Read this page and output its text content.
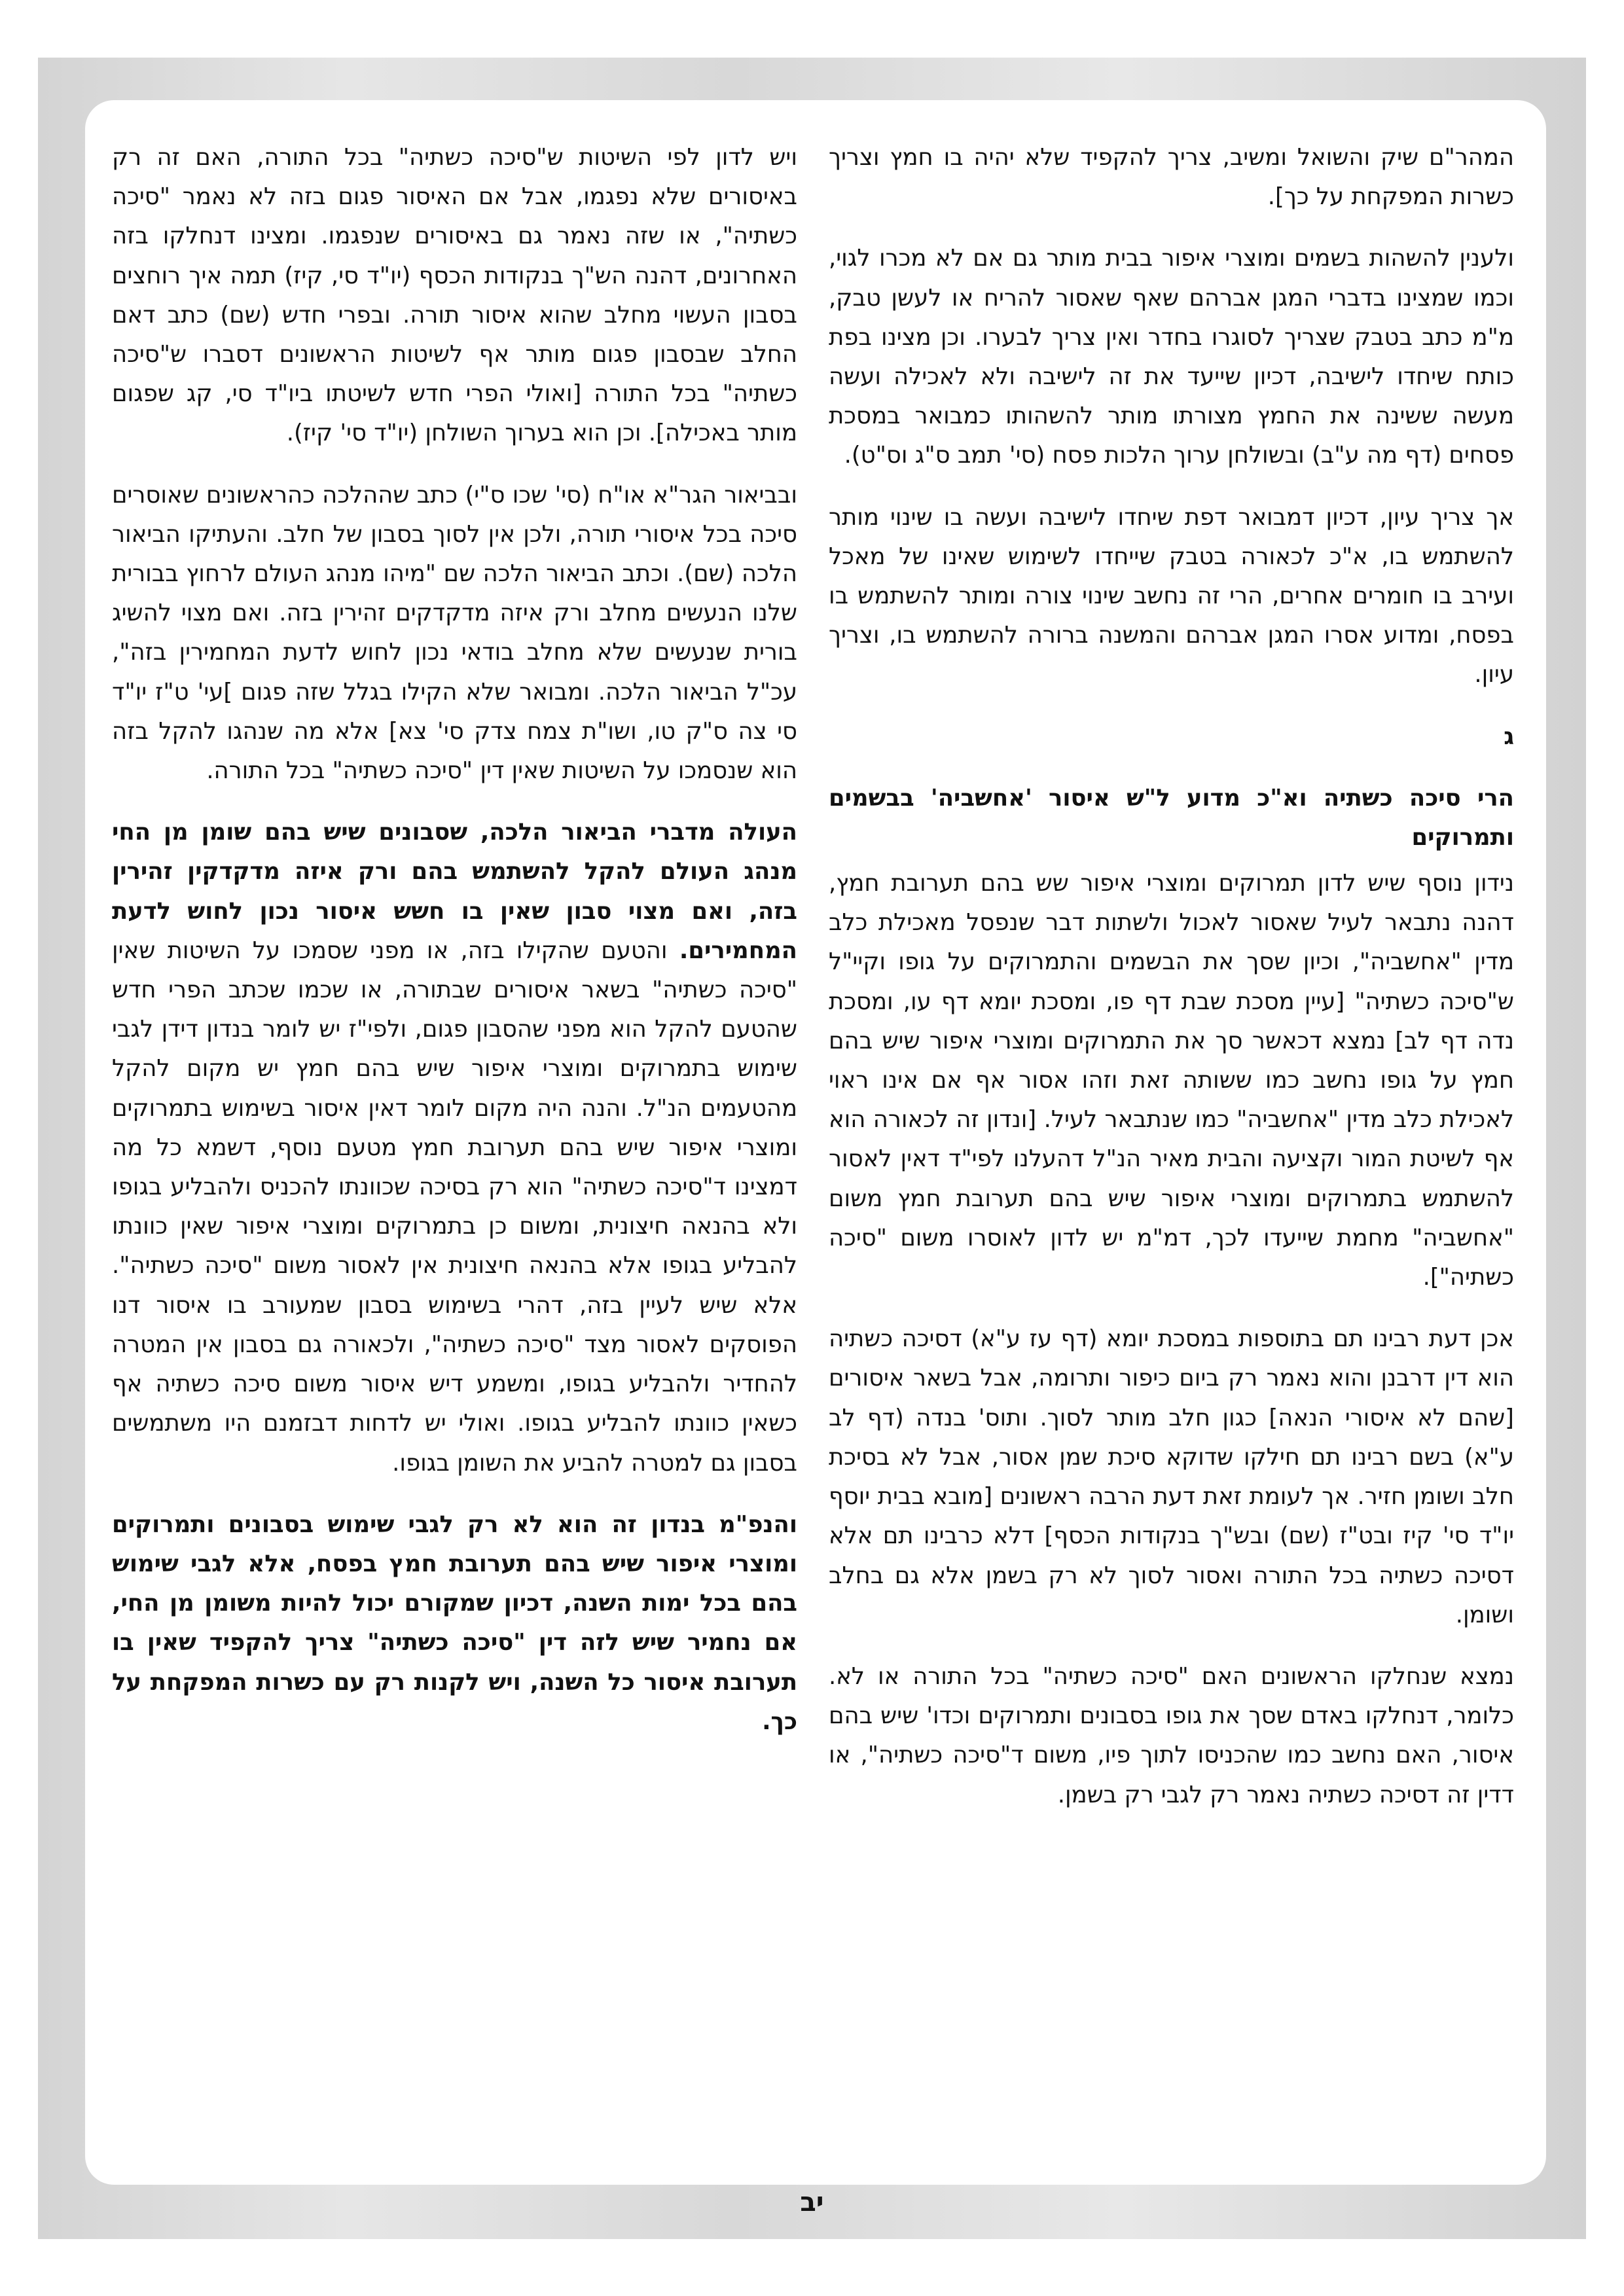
המהר"ם שיק והשואל ומשיב, צריך להקפיד שלא יהיה בו חמץ וצריך כשרות המפקחת על כך].

ולענין להשהות בשמים ומוצרי איפור בבית מותר גם אם לא מכרו לגוי, וכמו שמצינו בדברי המגן אברהם שאף שאסור להריח או לעשן טבק, מ"מ כתב בטבק שצריך לסוגרו בחדר ואין צריך לבערו. וכן מצינו בפת כותח שיחדו לישיבה, דכיון שייעד את זה לישיבה ולא לאכילה ועשה מעשה ששינה את החמץ מצורתו מותר להשהותו כמבואר במסכת פסחים (דף מה ע"ב) ובשולחן ערוך הלכות פסח (סי' תמב ס"ג וס"ט).

אך צריך עיון, דכיון דמבואר דפת שיחדו לישיבה ועשה בו שינוי מותר להשתמש בו, א"כ לכאורה בטבק שייחדו לשימוש שאינו של מאכל ועירב בו חומרים אחרים, הרי זה נחשב שינוי צורה ומותר להשתמש בו בפסח, ומדוע אסרו המגן אברהם והמשנה ברורה להשתמש בו, וצריך עיון.

ג
הרי סיכה כשתיה וא"כ מדוע ל"ש איסור 'אחשביה' בבשמים ותמרוקים

נידון נוסף שיש לדון תמרוקים ומוצרי איפור שש בהם תערובת חמץ, דהנה נתבאר לעיל שאסור לאכול ולשתות דבר שנפסל מאכילת כלב מדין "אחשביה", וכיון שסך את הבשמים והתמרוקים על גופו וקיי"ל ש"סיכה כשתיה" [עיין מסכת שבת דף פו, ומסכת יומא דף עו, ומסכת נדה דף לב] נמצא דכאשר סך את התמרוקים ומוצרי איפור שיש בהם חמץ על גופו נחשב כמו ששותה זאת וזהו אסור אף אם אינו ראוי לאכילת כלב מדין "אחשביה" כמו שנתבאר לעיל. [ונדון זה לכאורה הוא אף לשיטת המור וקציעה והבית מאיר הנ"ל דהעלנו לפי"ד דאין לאסור להשתמש בתמרוקים ומוצרי איפור שיש בהם תערובת חמץ משום "אחשביה" מחמת שייעדו לכך, דמ"מ יש לדון לאוסרו משום "סיכה כשתיה"].

אכן דעת רבינו תם בתוספות במסכת יומא (דף עז ע"א) דסיכה כשתיה הוא דין דרבנן והוא נאמר רק ביום כיפור ותרומה, אבל בשאר איסורים [שהם לא איסורי הנאה] כגון חלב מותר לסוך. ותוס' בנדה (דף לב ע"א) בשם רבינו תם חילקו שדוקא סיכת שמן אסור, אבל לא בסיכת חלב ושומן חזיר. אך לעומת זאת דעת הרבה ראשונים [מובא בבית יוסף יו"ד סי' קיז ובט"ז (שם) ובש"ך בנקודות הכסף] דלא כרבינו תם אלא דסיכה כשתיה בכל התורה ואסור לסוך לא רק בשמן אלא גם בחלב ושומן.

נמצא שנחלקו הראשונים האם "סיכה כשתיה" בכל התורה או לא. כלומר, דנחלקו באדם שסך את גופו בסבונים ותמרוקים וכדו' שיש בהם איסור, האם נחשב כמו שהכניסו לתוך פיו, משום ד"סיכה כשתיה", או דדין זה דסיכה כשתיה נאמר רק לגבי רק בשמן.

ויש לדון לפי השיטות ש"סיכה כשתיה" בכל התורה, האם זה רק באיסורים שלא נפגמו, אבל אם האיסור פגום בזה לא נאמר "סיכה כשתיה", או שזה נאמר גם באיסורים שנפגמו. ומצינו דנחלקו בזה האחרונים, דהנה הש"ך בנקודות הכסף (יו"ד סי, קיז) תמה איך רוחצים בסבון העשוי מחלב שהוא איסור תורה. ובפרי חדש (שם) כתב דאם החלב שבסבון פגום מותר אף לשיטות הראשונים דסברו ש"סיכה כשתיה" בכל התורה [ואולי הפרי חדש לשיטתו ביו"ד סי, קג שפגום מותר באכילה]. וכן הוא בערוך השולחן (יו"ד סי' קיז).

ובביאור הגר"א או"ח (סי' שכו ס"י) כתב שההלכה כהראשונים שאוסרים סיכה בכל איסורי תורה, ולכן אין לסוך בסבון של חלב. והעתיקו הביאור הלכה (שם). וכתב הביאור הלכה שם "מיהו מנהג העולם לרחוץ בבורית שלנו הנעשים מחלב ורק איזה מדקדקים זהירין בזה. ואם מצוי להשיג בורית שנעשים שלא מחלב בודאי נכון לחוש לדעת המחמירין בזה", עכ"ל הביאור הלכה. ומבואר שלא הקילו בגלל שזה פגום ]עי' ט"ז יו"ד סי צה ס"ק טו, ושו"ת צמח צדק סי' צא] אלא מה שנהגו להקל בזה הוא שנסמכו על השיטות שאין דין "סיכה כשתיה" בכל התורה.

העולה מדברי הביאור הלכה, שסבונים שיש בהם שומן מן החי מנהג העולם להקל להשתמש בהם ורק איזה מדקדקין זהירין בזה, ואם מצוי סבון שאין בו חשש איסור נכון לחוש לדעת המחמירים. והטעם שהקילו בזה, או מפני שסמכו על השיטות שאין "סיכה כשתיה" בשאר איסורים שבתורה, או שכמו שכתב הפרי חדש שהטעם להקל הוא מפני שהסבון פגום, ולפי"ז יש לומר בנדון דידן לגבי שימוש בתמרוקים ומוצרי איפור שיש בהם חמץ יש מקום להקל מהטעמים הנ"ל. והנה היה מקום לומר דאין איסור בשימוש בתמרוקים ומוצרי איפור שיש בהם תערובת חמץ מטעם נוסף, דשמא כל מה דמצינו ד"סיכה כשתיה" הוא רק בסיכה שכוונתו להכניס ולהבליע בגופו ולא בהנאה חיצונית, ומשום כן בתמרוקים ומוצרי איפור שאין כוונתו להבליע בגופו אלא בהנאה חיצונית אין לאסור משום "סיכה כשתיה". אלא שיש לעיין בזה, דהרי בשימוש בסבון שמעורב בו איסור דנו הפוסקים לאסור מצד "סיכה כשתיה", ולכאורה גם בסבון אין המטרה להחדיר ולהבליע בגופו, ומשמע דיש איסור משום סיכה כשתיה אף כשאין כוונתו להבליע בגופו. ואולי יש לדחות דבזמנם היו משתמשים בסבון גם למטרה להביע את השומן בגופו.

והנפ"מ בנדון זה הוא לא רק לגבי שימוש בסבונים ותמרוקים ומוצרי איפור שיש בהם תערובת חמץ בפסח, אלא לגבי שימוש בהם בכל ימות השנה, דכיון שמקורם יכול להיות משומן מן החי, אם נחמיר שיש לזה דין "סיכה כשתיה" צריך להקפיד שאין בו תערובת איסור כל השנה, ויש לקנות רק עם כשרות המפקחת על כך.

יב
